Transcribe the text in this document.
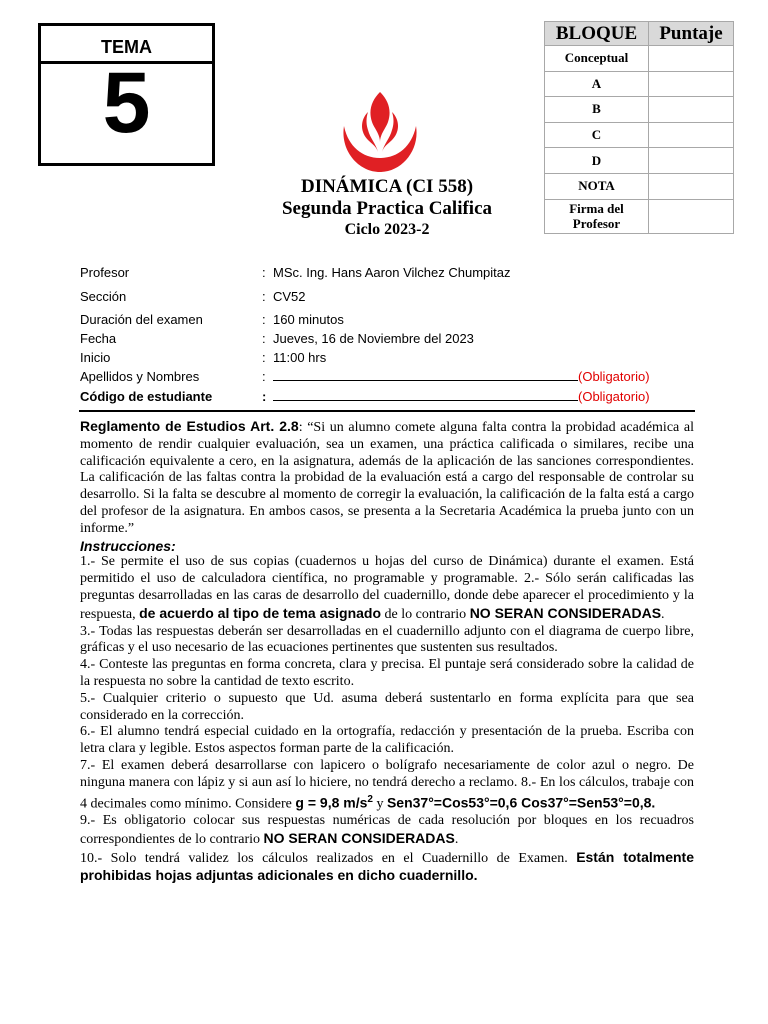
TEMA
5
DINÁMICA (CI 558)
Segunda Practica Califica
Ciclo 2023-2
BLOQUE	Puntaje
Conceptual	
A	
B	
C	
D	
NOTA	
Firma del
Profesor	
Profesor	: MSc. Ing. Hans Aaron Vilchez Chumpitaz
Sección	: CV52
Duración del examen	: 160 minutos
Fecha	: Jueves, 16 de Noviembre del 2023
Inicio	: 11:00 hrs
Apellidos y Nombres	:	(Obligatorio)
Código de estudiante	:	(Obligatorio)

Reglamento de Estudios Art. 2.8: “Si un alumno comete alguna falta contra la probidad académica al momento de rendir cualquier evaluación, sea un examen, una práctica calificada o similares, recibe una calificación equivalente a cero, en la asignatura, además de la aplicación de las sanciones correspondientes. La calificación de las faltas contra la probidad de la evaluación está a cargo del responsable de controlar su desarrollo. Si la falta se descubre al momento de corregir la evaluación, la calificación de la falta está a cargo del profesor de la asignatura. En ambos casos, se presenta a la Secretaria Académica la prueba junto con un informe.”

Instrucciones:

1.- Se permite el uso de sus copias (cuadernos u hojas del curso de Dinámica) durante el examen. Está permitido el uso de calculadora científica, no programable y programable. 2.- Sólo serán calificadas las preguntas desarrolladas en las caras de desarrollo del cuadernillo, donde debe aparecer el procedimiento y la respuesta, de acuerdo al tipo de tema asignado de lo contrario NO SERAN CONSIDERADAS.

3.- Todas las respuestas deberán ser desarrolladas en el cuadernillo adjunto con el diagrama de cuerpo libre, gráficas y el uso necesario de las ecuaciones pertinentes que sustenten sus resultados.

4.- Conteste las preguntas en forma concreta, clara y precisa. El puntaje será considerado sobre la calidad de la respuesta no sobre la cantidad de texto escrito.

5.- Cualquier criterio o supuesto que Ud. asuma deberá sustentarlo en forma explícita para que sea considerado en la corrección.

6.- El alumno tendrá especial cuidado en la ortografía, redacción y presentación de la prueba. Escriba con letra clara y legible. Estos aspectos forman parte de la calificación.

7.- El examen deberá desarrollarse con lapicero o bolígrafo necesariamente de color azul o negro. De ninguna manera con lápiz y si aun así lo hiciere, no tendrá derecho a reclamo. 8.- En los cálculos, trabaje con 4 decimales como mínimo. Considere g = 9,8 $m/s^2$ y Sen37°=Cos53°=0,6 Cos37°=Sen53°=0,8.

9.- Es obligatorio colocar sus respuestas numéricas de cada resolución por bloques en los recuadros correspondientes de lo contrario NO SERAN CONSIDERADAS.

10.- Solo tendrá validez los cálculos realizados en el Cuadernillo de Examen. Están totalmente prohibidas hojas adjuntas adicionales en dicho cuadernillo.
